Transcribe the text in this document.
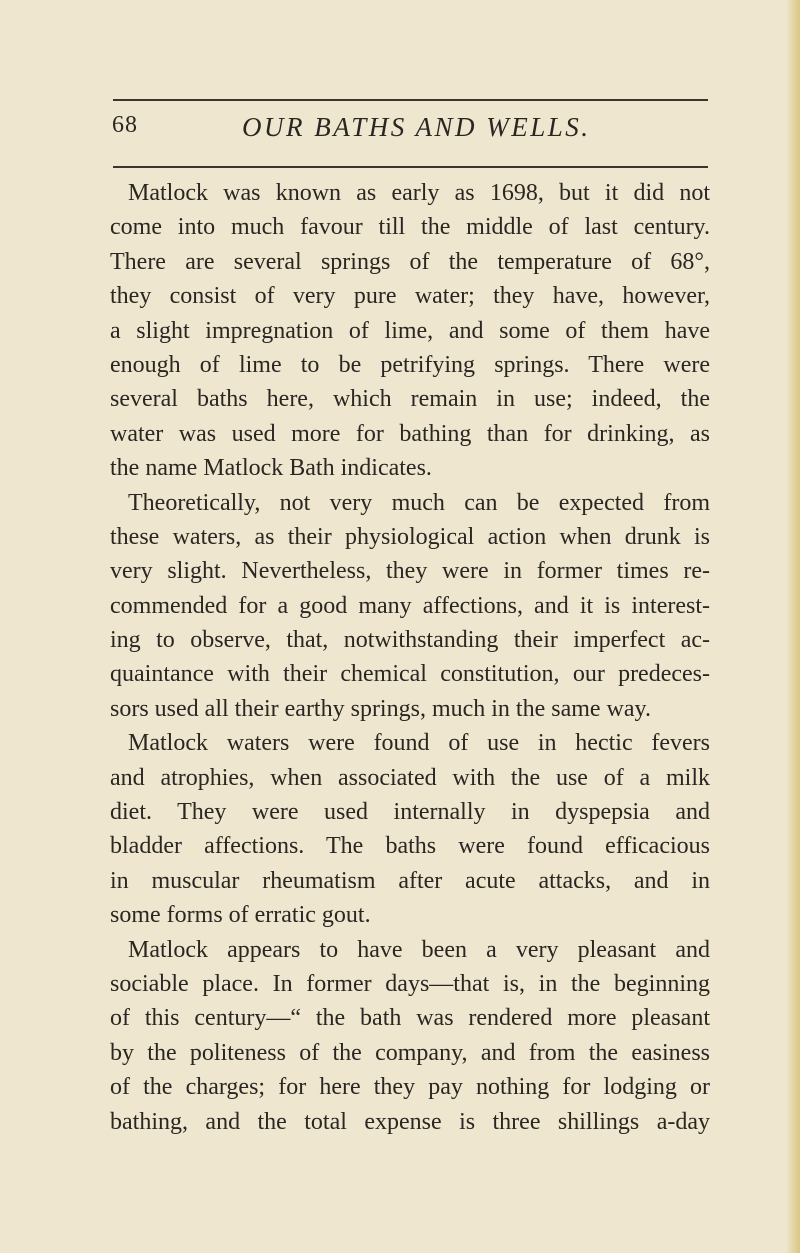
68	OUR BATHS AND WELLS.
Matlock was known as early as 1698, but it did not
come into much favour till the middle of last century.
There are several springs of the temperature of 68°,
they consist of very pure water; they have, however,
a slight impregnation of lime, and some of them have
enough of lime to be petrifying springs. There were
several baths here, which remain in use; indeed, the
water was used more for bathing than for drinking, as
the name Matlock Bath indicates.
Theoretically, not very much can be expected from
these waters, as their physiological action when drunk is
very slight. Nevertheless, they were in former times re-
commended for a good many affections, and it is interest-
ing to observe, that, notwithstanding their imperfect ac-
quaintance with their chemical constitution, our predeces-
sors used all their earthy springs, much in the same way.
Matlock waters were found of use in hectic fevers
and atrophies, when associated with the use of a milk
diet. They were used internally in dyspepsia and
bladder affections. The baths were found efficacious
in muscular rheumatism after acute attacks, and in
some forms of erratic gout.
Matlock appears to have been a very pleasant and
sociable place. In former days—that is, in the beginning
of this century—“ the bath was rendered more pleasant
by the politeness of the company, and from the easiness
of the charges; for here they pay nothing for lodging or
bathing, and the total expense is three shillings a-day
